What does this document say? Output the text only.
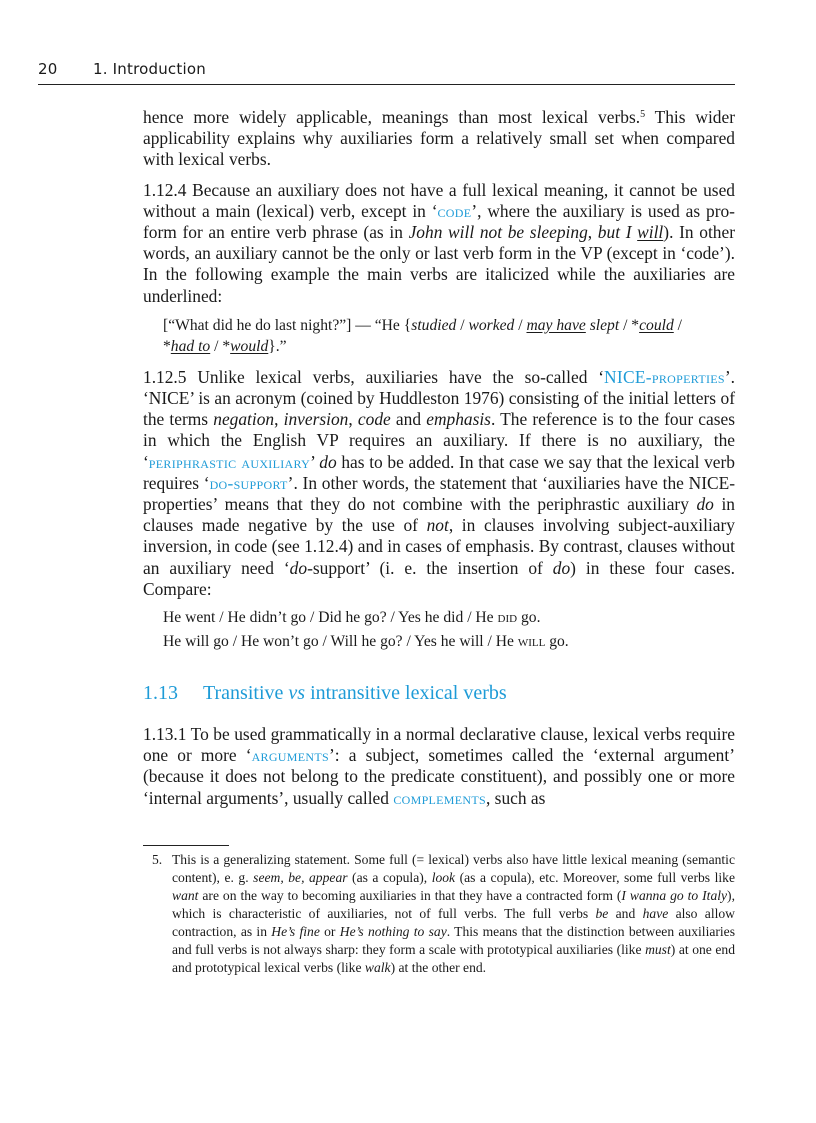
20 1. Introduction

hence more widely applicable, meanings than most lexical verbs.$^5$ This wider applicability explains why auxiliaries form a relatively small set when compared with lexical verbs.

1.12.4 Because an auxiliary does not have a full lexical meaning, it cannot be used without a main (lexical) verb, except in ‘code’, where the auxiliary is used as pro-form for an entire verb phrase (as in John will not be sleeping, but I will). In other words, an auxiliary cannot be the only or last verb form in the VP (except in ‘code’). In the following example the main verbs are italicized while the auxiliaries are underlined:

[“What did he do last night?”] — “He {studied / worked / may have slept / *could /
*had to / *would}.”

1.12.5 Unlike lexical verbs, auxiliaries have the so-called ‘NICE-properties’. ‘NICE’ is an acronym (coined by Huddleston 1976) consisting of the initial letters of the terms negation, inversion, code and emphasis. The reference is to the four cases in which the English VP requires an auxiliary. If there is no auxiliary, the ‘periphrastic auxiliary’ do has to be added. In that case we say that the lexical verb requires ‘do-support’. In other words, the statement that ‘auxiliaries have the NICE-properties’ means that they do not combine with the periphrastic auxiliary do in clauses made negative by the use of not, in clauses involving subject-auxiliary inversion, in code (see 1.12.4) and in cases of emphasis. By contrast, clauses without an auxiliary need ‘do-support’ (i. e. the insertion of do) in these four cases. Compare:

He went / He didn’t go / Did he go? / Yes he did / He did go.
He will go / He won’t go / Will he go? / Yes he will / He will go.
1.13 Transitive vs intransitive lexical verbs

1.13.1 To be used grammatically in a normal declarative clause, lexical verbs require one or more ‘arguments’: a subject, sometimes called the ‘external argument’ (because it does not belong to the predicate constituent), and possibly one or more ‘internal arguments’, usually called complements, such as

5. This is a generalizing statement. Some full (= lexical) verbs also have little lexical meaning (semantic content), e. g. seem, be, appear (as a copula), look (as a copula), etc. Moreover, some full verbs like want are on the way to becoming auxiliaries in that they have a contracted form (I wanna go to Italy), which is characteristic of auxiliaries, not of full verbs. The full verbs be and have also allow contraction, as in He’s fine or He’s nothing to say. This means that the distinction between auxiliaries and full verbs is not always sharp: they form a scale with prototypical auxiliaries (like must) at one end and prototypical lexical verbs (like walk) at the other end.
